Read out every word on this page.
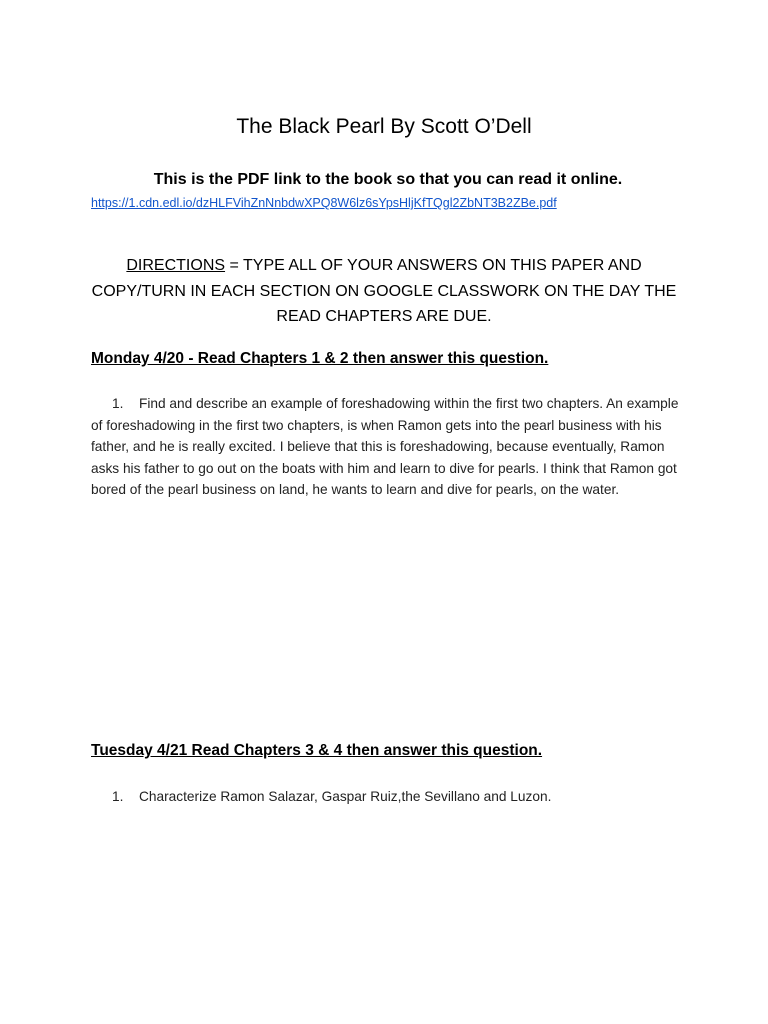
The Black Pearl By Scott O’Dell
This is the PDF link to the book so that you can read it online.
https://1.cdn.edl.io/dzHLFVihZnNnbdwXPQ8W6lz6sYpsHljKfTQgl2ZbNT3B2ZBe.pdf
DIRECTIONS = TYPE ALL OF YOUR ANSWERS ON THIS PAPER AND COPY/TURN IN EACH SECTION ON GOOGLE CLASSWORK ON THE DAY THE READ CHAPTERS ARE DUE.
Monday 4/20 - Read Chapters 1 & 2 then answer this question.
1. Find and describe an example of foreshadowing within the first two chapters. An example of foreshadowing in the first two chapters, is when Ramon gets into the pearl business with his father, and he is really excited. I believe that this is foreshadowing, because eventually, Ramon asks his father to go out on the boats with him and learn to dive for pearls. I think that Ramon got bored of the pearl business on land, he wants to learn and dive for pearls, on the water.
Tuesday 4/21 Read Chapters 3 & 4 then answer this question.
1. Characterize Ramon Salazar, Gaspar Ruiz,the Sevillano and Luzon.
